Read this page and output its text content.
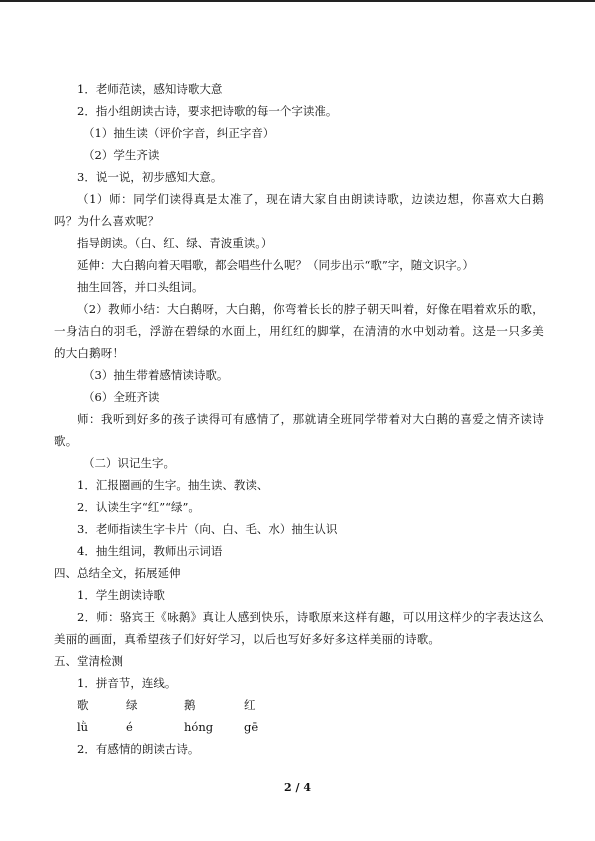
1．老师范读，感知诗歌大意
2．指小组朗读古诗，要求把诗歌的每一个字读准。
（1）抽生读（评价字音，纠正字音）
（2）学生齐读
3．说一说，初步感知大意。
（1）师：同学们读得真是太准了，现在请大家自由朗读诗歌，边读边想，你喜欢大白鹅吗？为什么喜欢呢？
指导朗读。（白、红、绿、青波重读。）
延伸：大白鹅向着天唱歌，都会唱些什么呢？（同步出示“歌”字，随文识字。）
抽生回答，并口头组词。
（2）教师小结：大白鹅呀，大白鹅，你弯着长长的脖子朝天叫着，好像在唱着欢乐的歌，一身洁白的羽毛，浮游在碧绿的水面上，用红红的脚掌，在清清的水中划动着。这是一只多美的大白鹅呀！
（3）抽生带着感情读诗歌。
（6）全班齐读
师：我听到好多的孩子读得可有感情了，那就请全班同学带着对大白鹅的喜爱之情齐读诗歌。
（二）识记生字。
1．汇报圈画的生字。抽生读、教读、
2．认读生字“红”“绿”。
3．老师指读生字卡片（向、白、毛、水）抽生认识
4．抽生组词，教师出示词语
四、总结全文，拓展延伸
1．学生朗读诗歌
2．师：骆宾王《咏鹅》真让人感到快乐，诗歌原来这样有趣，可以用这样少的字表达这么美丽的画面，真希望孩子们好好学习，以后也写好多好多这样美丽的诗歌。
五、堂清检测
1．拼音节，连线。
歌	绿	鹅	红
lǜ	é	hóng	gē
2．有感情的朗读古诗。
2 / 4
